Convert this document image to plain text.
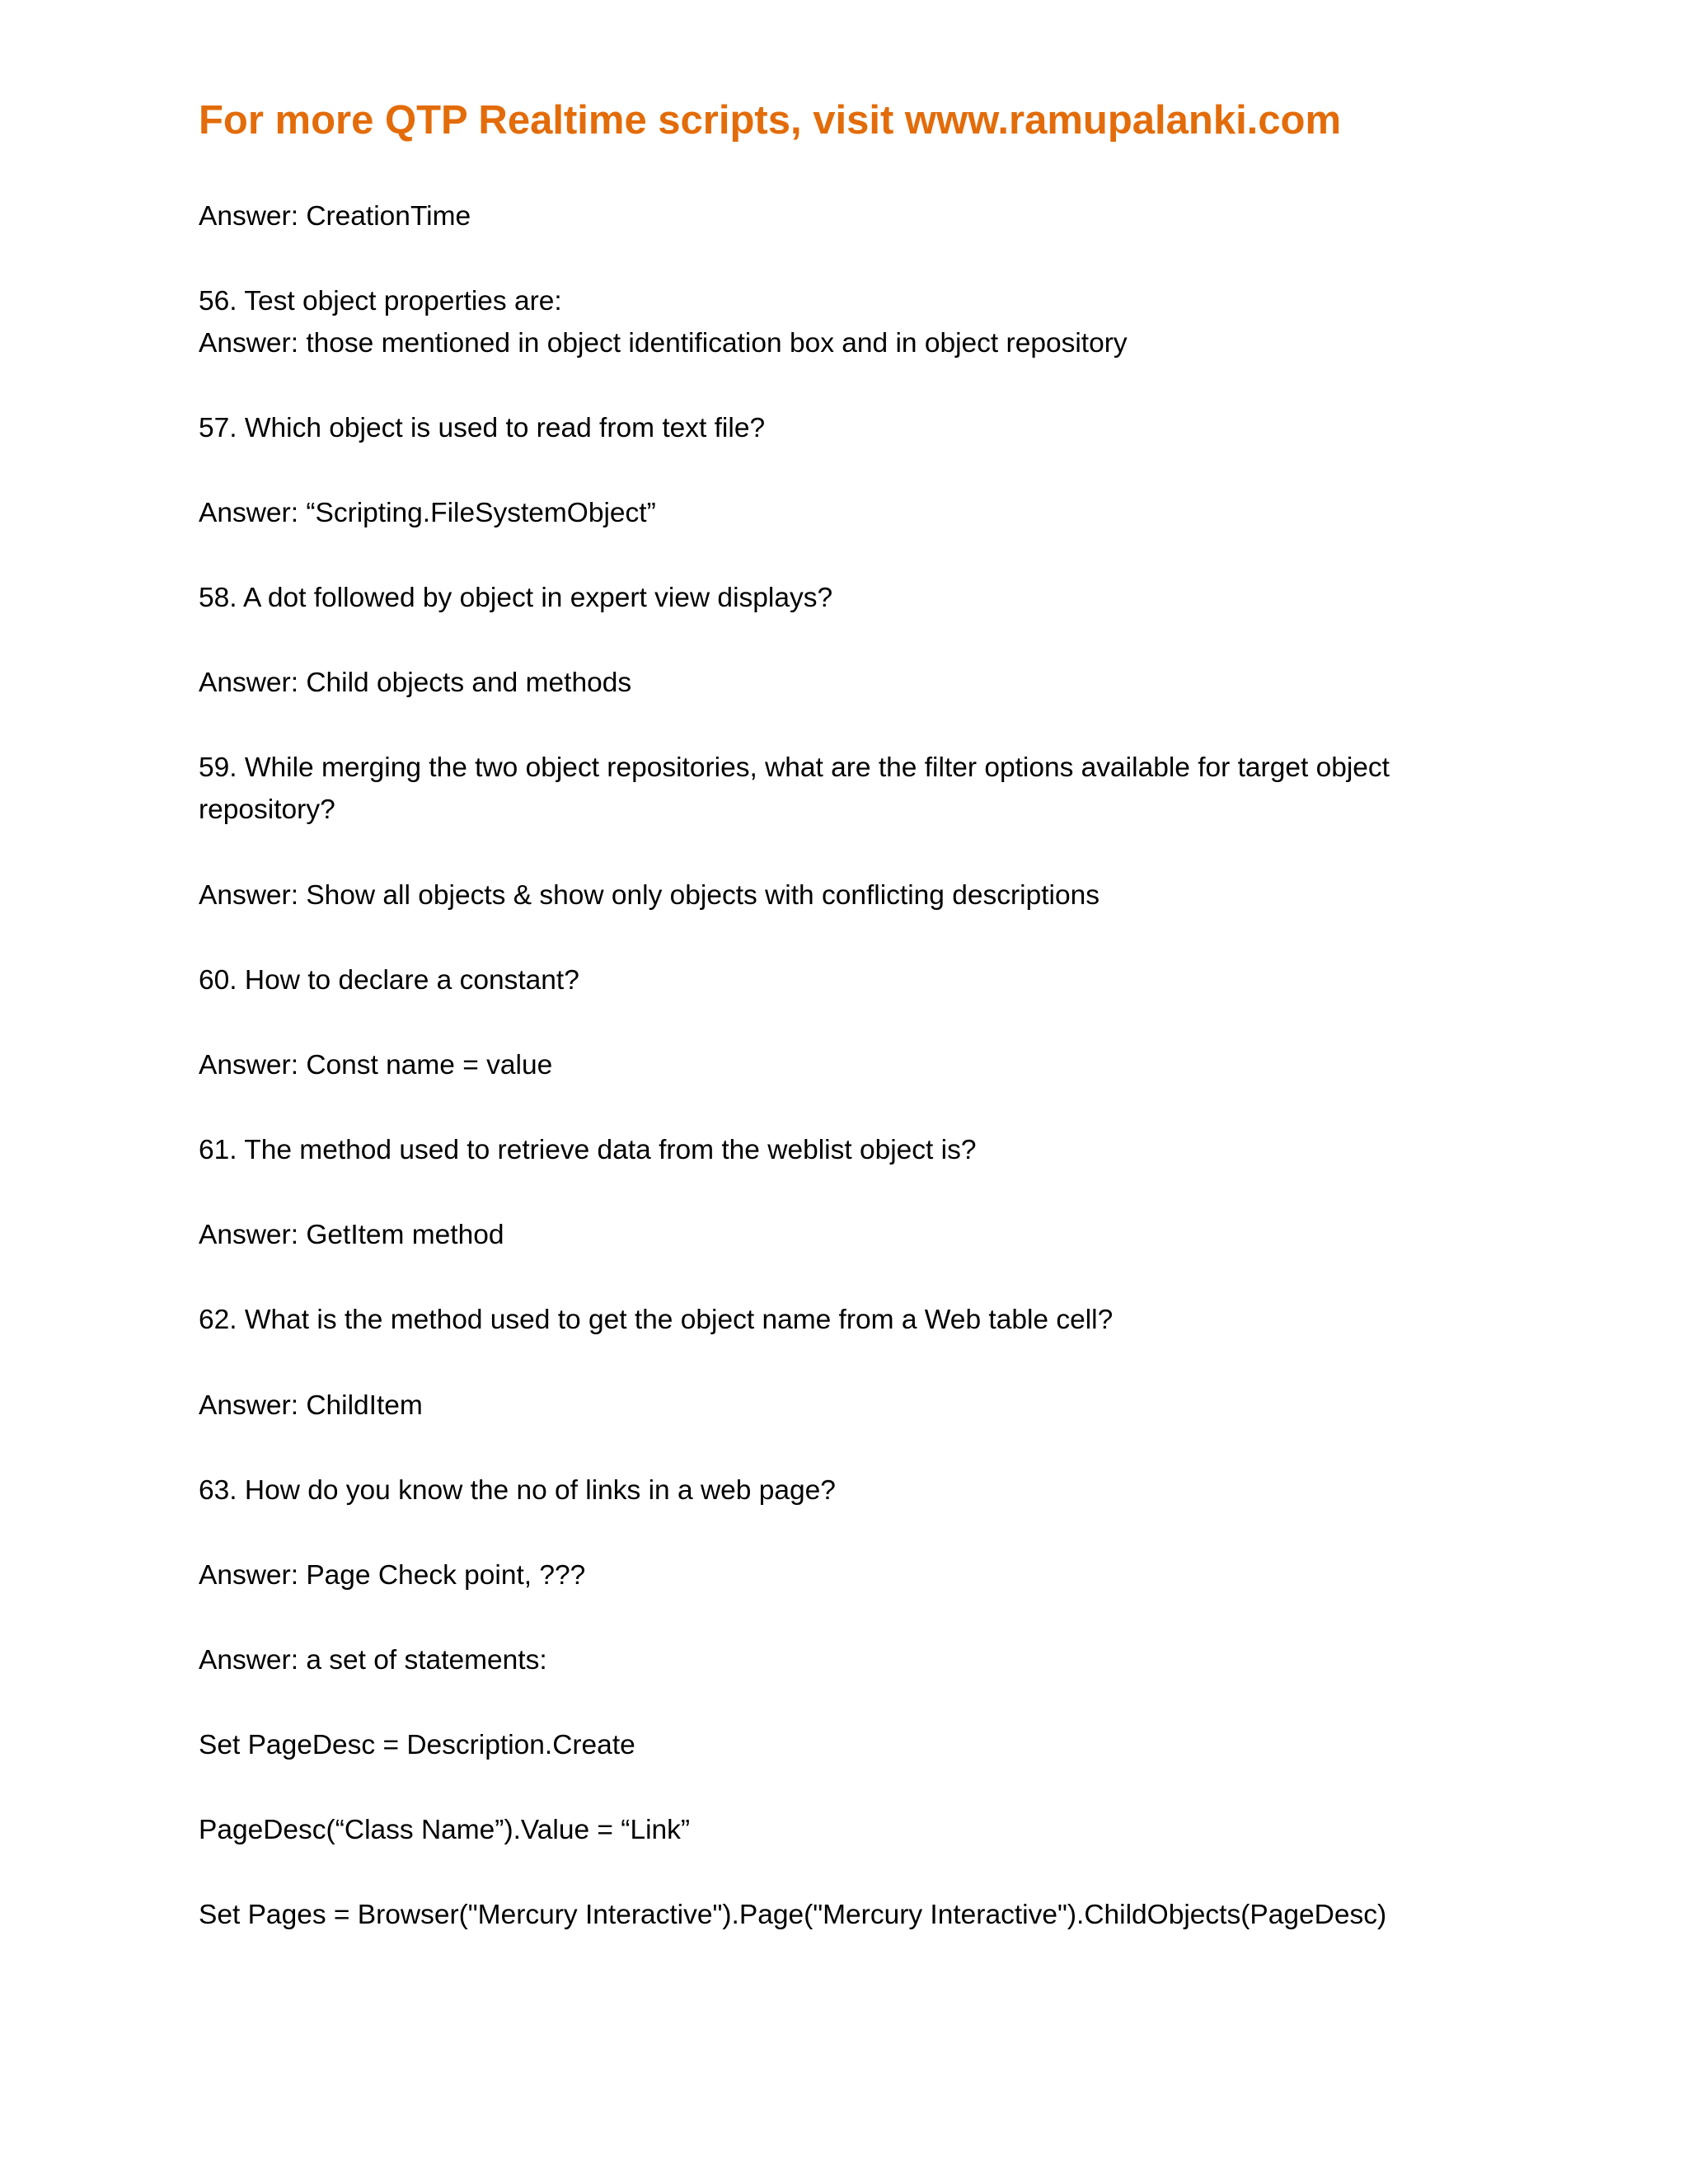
For more QTP Realtime scripts, visit www.ramupalanki.com
Answer: CreationTime
56. Test object properties are:
Answer: those mentioned in object identification box and in object repository
57. Which object is used to read from text file?
Answer: “Scripting.FileSystemObject”
58. A dot followed by object in expert view displays?
Answer: Child objects and methods
59. While merging the two object repositories, what are the filter options available for target object
repository?
Answer: Show all objects & show only objects with conflicting descriptions
60. How to declare a constant?
Answer: Const name = value
61. The method used to retrieve data from the weblist object is?
Answer: GetItem method
62. What is the method used to get the object name from a Web table cell?
Answer: ChildItem
63. How do you know the no of links in a web page?
Answer: Page Check point, ???
Answer: a set of statements:
Set PageDesc = Description.Create
PageDesc(“Class Name”).Value = “Link”
Set Pages = Browser("Mercury Interactive").Page("Mercury Interactive").ChildObjects(PageDesc)
